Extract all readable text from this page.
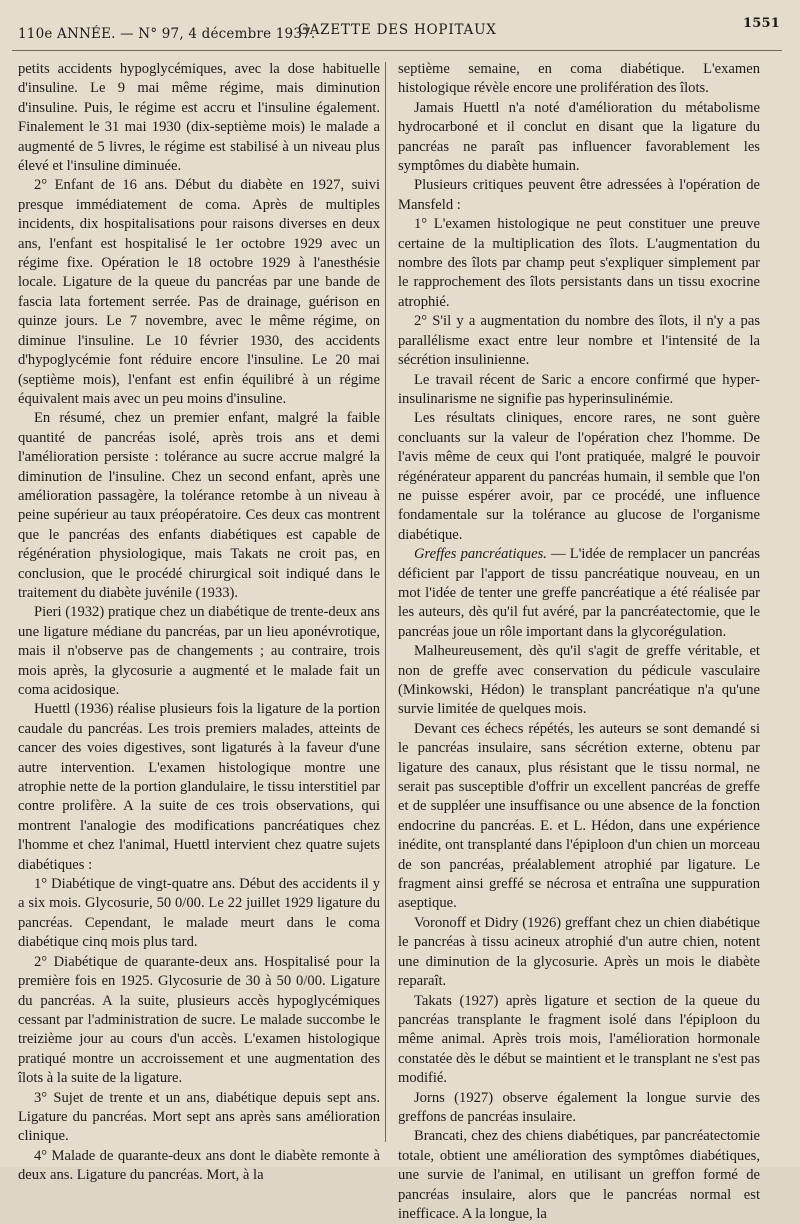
110e ANNÉE. — N° 97, 4 décembre 1937.
GAZETTE DES HOPITAUX	1551

petits accidents hypoglycémiques, avec la dose habituelle d'insuline. Le 9 mai même régime, mais diminution d'insuline. Puis, le régime est accru et l'insuline également. Finalement le 31 mai 1930 (dix-septième mois) le malade a augmenté de 5 livres, le régime est stabilisé à un niveau plus élevé et l'insuline diminuée.

2° Enfant de 16 ans. Début du diabète en 1927, suivi presque immédiatement de coma. Après de multiples incidents, dix hospitalisations pour raisons diverses en deux ans, l'enfant est hospitalisé le 1er octobre 1929 avec un régime fixe. Opération le 18 octobre 1929 à l'anesthésie locale. Ligature de la queue du pancréas par une bande de fascia lata fortement serrée. Pas de drainage, guérison en quinze jours. Le 7 novembre, avec le même régime, on diminue l'insuline. Le 10 février 1930, des accidents d'hypoglycémie font réduire encore l'insuline. Le 20 mai (septième mois), l'enfant est enfin équilibré à un régime équivalent mais avec un peu moins d'insuline.

En résumé, chez un premier enfant, malgré la faible quantité de pancréas isolé, après trois ans et demi l'amélioration persiste : tolérance au sucre accrue malgré la diminution de l'insuline. Chez un second enfant, après une amélioration passagère, la tolérance retombe à un niveau à peine supérieur au taux préopératoire. Ces deux cas montrent que le pancréas des enfants diabétiques est capable de régénération physiologique, mais Takats ne croit pas, en conclusion, que le procédé chirurgical soit indiqué dans le traitement du diabète juvénile (1933).

Pieri (1932) pratique chez un diabétique de trente-deux ans une ligature médiane du pancréas, par un lieu aponévrotique, mais il n'observe pas de changements ; au contraire, trois mois après, la glycosurie a augmenté et le malade fait un coma acidosique.

Huettl (1936) réalise plusieurs fois la ligature de la portion caudale du pancréas. Les trois premiers malades, atteints de cancer des voies digestives, sont ligaturés à la faveur d'une autre intervention. L'examen histologique montre une atrophie nette de la portion glandulaire, le tissu interstitiel par contre prolifère. A la suite de ces trois observations, qui montrent l'analogie des modifications pancréatiques chez l'homme et chez l'animal, Huettl intervient chez quatre sujets diabétiques :

1° Diabétique de vingt-quatre ans. Début des accidents il y a six mois. Glycosurie, 50 0/00. Le 22 juillet 1929 ligature du pancréas. Cependant, le malade meurt dans le coma diabétique cinq mois plus tard.

2° Diabétique de quarante-deux ans. Hospitalisé pour la première fois en 1925. Glycosurie de 30 à 50 0/00. Ligature du pancréas. A la suite, plusieurs accès hypoglycémiques cessant par l'administration de sucre. Le malade succombe le treizième jour au cours d'un accès. L'examen histologique pratiqué montre un accroissement et une augmentation des îlots à la suite de la ligature.

3° Sujet de trente et un ans, diabétique depuis sept ans. Ligature du pancréas. Mort sept ans après sans amélioration clinique.

4° Malade de quarante-deux ans dont le diabète remonte à deux ans. Ligature du pancréas. Mort, à la

septième semaine, en coma diabétique. L'examen histologique révèle encore une prolifération des îlots.

Jamais Huettl n'a noté d'amélioration du métabolisme hydrocarboné et il conclut en disant que la ligature du pancréas ne paraît pas influencer favorablement les symptômes du diabète humain.

Plusieurs critiques peuvent être adressées à l'opération de Mansfeld :

1° L'examen histologique ne peut constituer une preuve certaine de la multiplication des îlots. L'augmentation du nombre des îlots par champ peut s'expliquer simplement par le rapprochement des îlots persistants dans un tissu exocrine atrophié.

2° S'il y a augmentation du nombre des îlots, il n'y a pas parallélisme exact entre leur nombre et l'intensité de la sécrétion insulinienne.

Le travail récent de Saric a encore confirmé que hyper-insulinarisme ne signifie pas hyperinsulinémie.

Les résultats cliniques, encore rares, ne sont guère concluants sur la valeur de l'opération chez l'homme. De l'avis même de ceux qui l'ont pratiquée, malgré le pouvoir régénérateur apparent du pancréas humain, il semble que l'on ne puisse espérer avoir, par ce procédé, une influence fondamentale sur la tolérance au glucose de l'organisme diabétique.

Greffes pancréatiques. — L'idée de remplacer un pancréas déficient par l'apport de tissu pancréatique nouveau, en un mot l'idée de tenter une greffe pancréatique a été réalisée par les auteurs, dès qu'il fut avéré, par la pancréatectomie, que le pancréas joue un rôle important dans la glycorégulation.

Malheureusement, dès qu'il s'agit de greffe véritable, et non de greffe avec conservation du pédicule vasculaire (Minkowski, Hédon) le transplant pancréatique n'a qu'une survie limitée de quelques mois.

Devant ces échecs répétés, les auteurs se sont demandé si le pancréas insulaire, sans sécrétion externe, obtenu par ligature des canaux, plus résistant que le tissu normal, ne serait pas susceptible d'offrir un excellent pancréas de greffe et de suppléer une insuffisance ou une absence de la fonction endocrine du pancréas. E. et L. Hédon, dans une expérience inédite, ont transplanté dans l'épiploon d'un chien un morceau de son pancréas, préalablement atrophié par ligature. Le fragment ainsi greffé se nécrosa et entraîna une suppuration aseptique.

Voronoff et Didry (1926) greffant chez un chien diabétique le pancréas à tissu acineux atrophié d'un autre chien, notent une diminution de la glycosurie. Après un mois le diabète reparaît.

Takats (1927) après ligature et section de la queue du pancréas transplante le fragment isolé dans l'épiploon du même animal. Après trois mois, l'amélioration hormonale constatée dès le début se maintient et le transplant ne s'est pas modifié.

Jorns (1927) observe également la longue survie des greffons de pancréas insulaire.

Brancati, chez des chiens diabétiques, par pancréatectomie totale, obtient une amélioration des symptômes diabétiques, une survie de l'animal, en utilisant un greffon formé de pancréas insulaire, alors que le pancréas normal est inefficace. A la longue, la
